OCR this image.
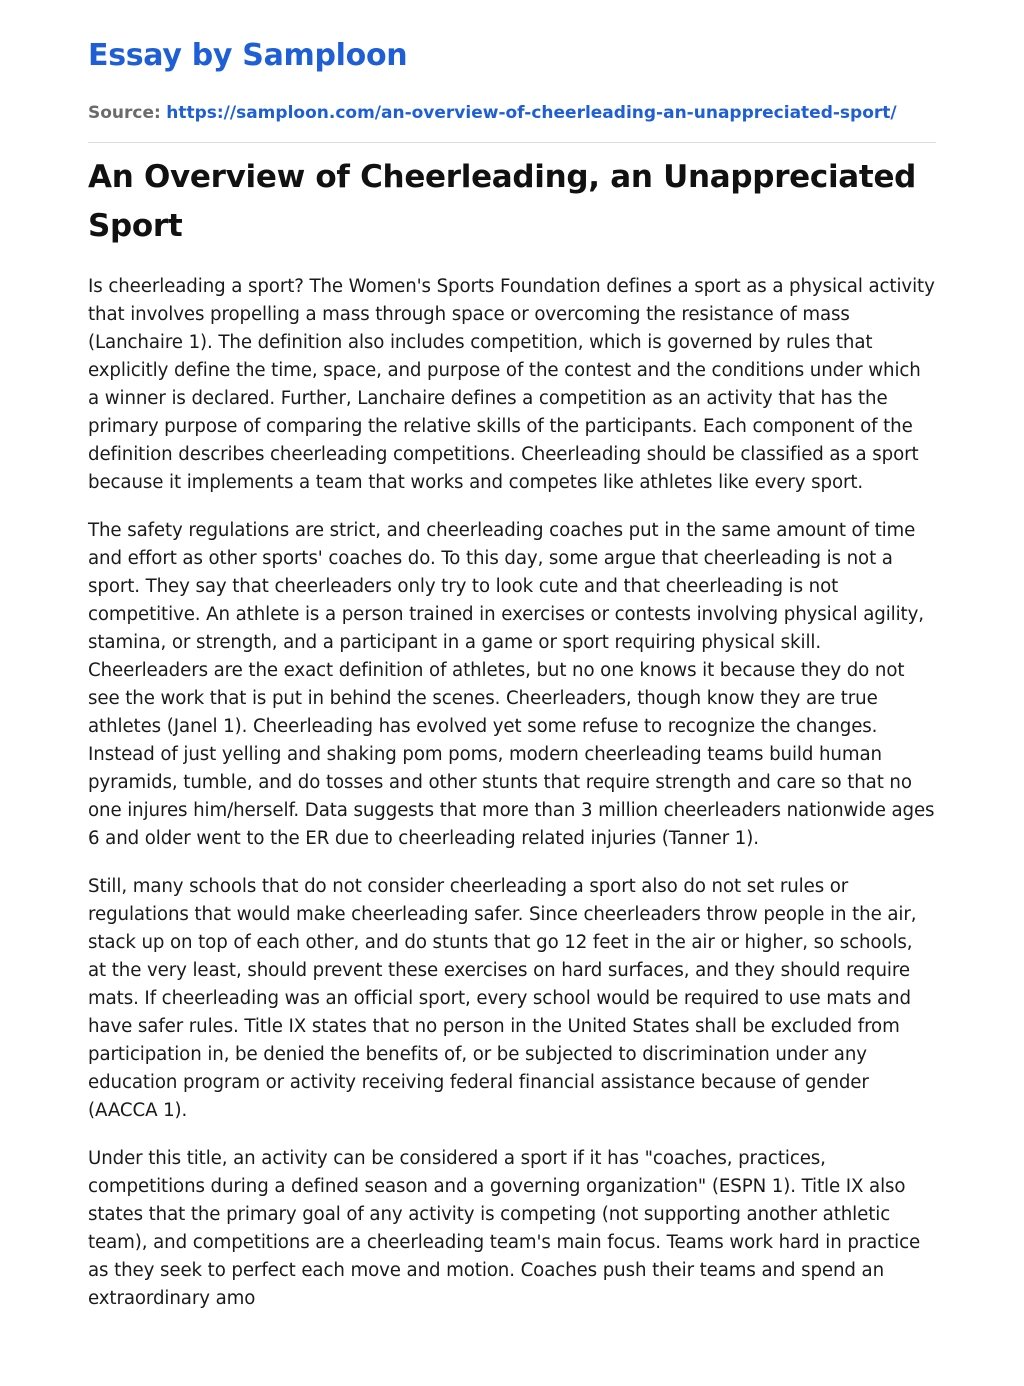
Essay by Samploon
Source: https://samploon.com/an-overview-of-cheerleading-an-unappreciated-sport/
An Overview of Cheerleading, an Unappreciated Sport

Is cheerleading a sport? The Women's Sports Foundation defines a sport as a physical activity that involves propelling a mass through space or overcoming the resistance of mass (Lanchaire 1). The definition also includes competition, which is governed by rules that explicitly define the time, space, and purpose of the contest and the conditions under which a winner is declared. Further, Lanchaire defines a competition as an activity that has the primary purpose of comparing the relative skills of the participants. Each component of the definition describes cheerleading competitions. Cheerleading should be classified as a sport because it implements a team that works and competes like athletes like every sport.

The safety regulations are strict, and cheerleading coaches put in the same amount of time and effort as other sports' coaches do. To this day, some argue that cheerleading is not a sport. They say that cheerleaders only try to look cute and that cheerleading is not competitive. An athlete is a person trained in exercises or contests involving physical agility, stamina, or strength, and a participant in a game or sport requiring physical skill. Cheerleaders are the exact definition of athletes, but no one knows it because they do not see the work that is put in behind the scenes. Cheerleaders, though know they are true athletes (Janel 1). Cheerleading has evolved yet some refuse to recognize the changes. Instead of just yelling and shaking pom poms, modern cheerleading teams build human pyramids, tumble, and do tosses and other stunts that require strength and care so that no one injures him/herself. Data suggests that more than 3 million cheerleaders nationwide ages 6 and older went to the ER due to cheerleading related injuries (Tanner 1).

Still, many schools that do not consider cheerleading a sport also do not set rules or regulations that would make cheerleading safer. Since cheerleaders throw people in the air, stack up on top of each other, and do stunts that go 12 feet in the air or higher, so schools, at the very least, should prevent these exercises on hard surfaces, and they should require mats. If cheerleading was an official sport, every school would be required to use mats and have safer rules. Title IX states that no person in the United States shall be excluded from participation in, be denied the benefits of, or be subjected to discrimination under any education program or activity receiving federal financial assistance because of gender (AACCA 1).

Under this title, an activity can be considered a sport if it has "coaches, practices, competitions during a defined season and a governing organization" (ESPN 1). Title IX also states that the primary goal of any activity is competing (not supporting another athletic team), and competitions are a cheerleading team's main focus. Teams work hard in practice as they seek to perfect each move and motion. Coaches push their teams and spend an extraordinary amo
